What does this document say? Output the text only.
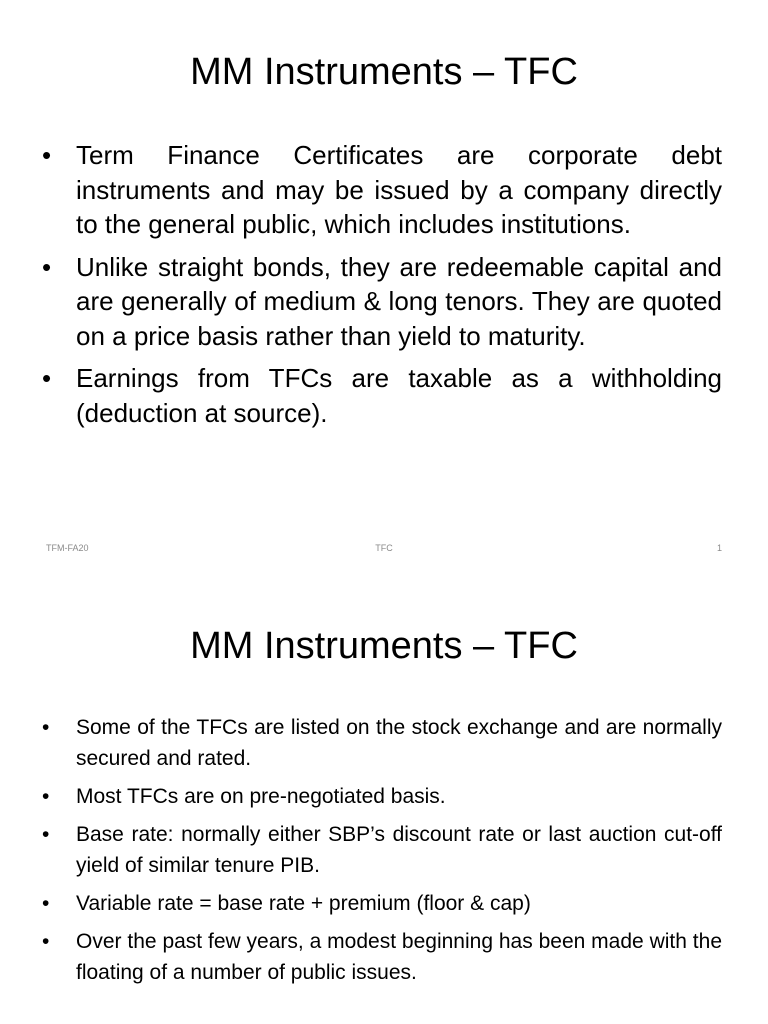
MM Instruments – TFC
• Term Finance Certificates are corporate debt instruments and may be issued by a company directly to the general public, which includes institutions.
• Unlike straight bonds, they are redeemable capital and are generally of medium & long tenors. They are quoted on a price basis rather than yield to maturity.
• Earnings from TFCs are taxable as a withholding (deduction at source).
TFM-FA20	TFC	1
MM Instruments – TFC
• Some of the TFCs are listed on the stock exchange and are normally secured and rated.
• Most TFCs are on pre-negotiated basis.
• Base rate: normally either SBP’s discount rate or last auction cut-off yield of similar tenure PIB.
• Variable rate = base rate + premium (floor & cap)
• Over the past few years, a modest beginning has been made with the floating of a number of public issues.
